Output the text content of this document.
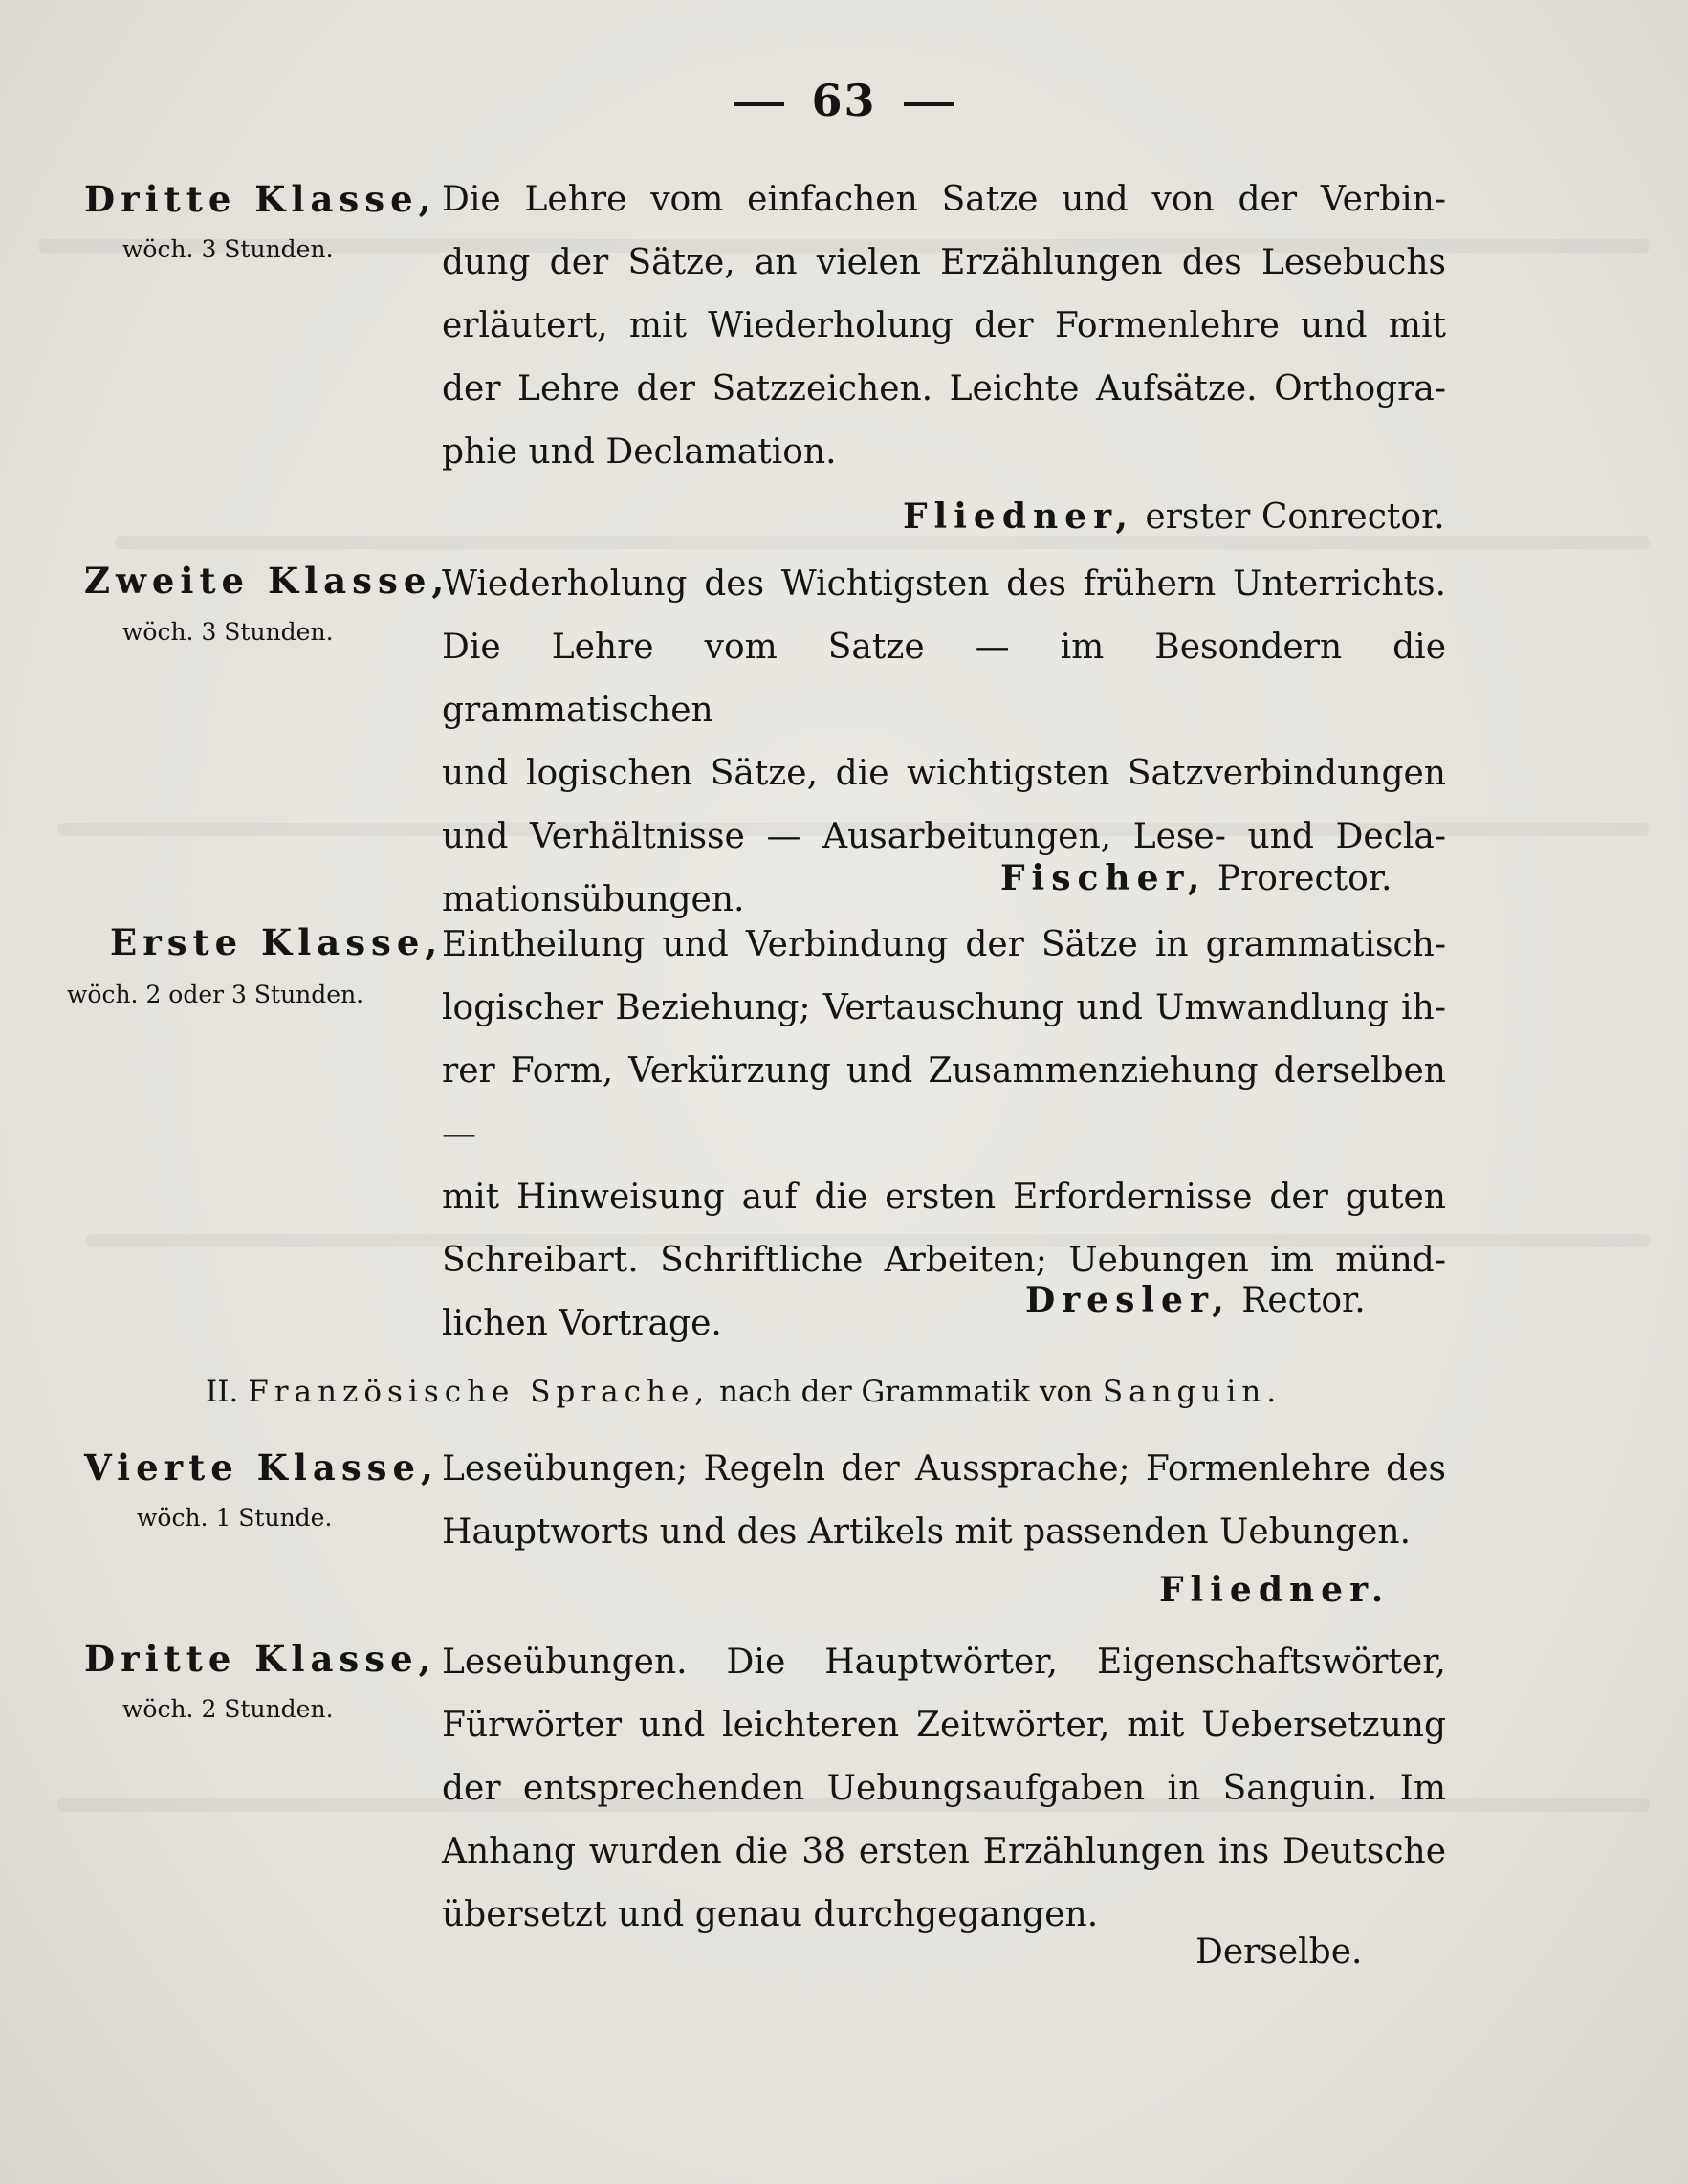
63
Dritte Klasse,
wöch. 3 Stunden.
Die Lehre vom einfachen Satze und von der Verbin-
dung der Sätze, an vielen Erzählungen des Lesebuchs
erläutert, mit Wiederholung der Formenlehre und mit
der Lehre der Satzzeichen. Leichte Aufsätze. Orthogra-
phie und Declamation.
Fliedner, erster Conrector.
Zweite Klasse,
wöch. 3 Stunden.
Wiederholung des Wichtigsten des frühern Unterrichts.
Die Lehre vom Satze — im Besondern die grammatischen
und logischen Sätze, die wichtigsten Satzverbindungen
und Verhältnisse — Ausarbeitungen, Lese- und Decla-
mationsübungen.
Fischer, Prorector.
Erste Klasse,
wöch. 2 oder 3 Stunden.
Eintheilung und Verbindung der Sätze in grammatisch-
logischer Beziehung; Vertauschung und Umwandlung ih-
rer Form, Verkürzung und Zusammenziehung derselben —
mit Hinweisung auf die ersten Erfordernisse der guten
Schreibart. Schriftliche Arbeiten; Uebungen im münd-
lichen Vortrage.
Dresler, Rector.
II. Französische Sprache, nach der Grammatik von Sanguin.
Vierte Klasse,
wöch. 1 Stunde.
Leseübungen; Regeln der Aussprache; Formenlehre des
Hauptworts und des Artikels mit passenden Uebungen.
Fliedner.
Dritte Klasse,
wöch. 2 Stunden.
Leseübungen. Die Hauptwörter, Eigenschaftswörter,
Fürwörter und leichteren Zeitwörter, mit Uebersetzung
der entsprechenden Uebungsaufgaben in Sanguin. Im
Anhang wurden die 38 ersten Erzählungen ins Deutsche
übersetzt und genau durchgegangen.
Derselbe.
